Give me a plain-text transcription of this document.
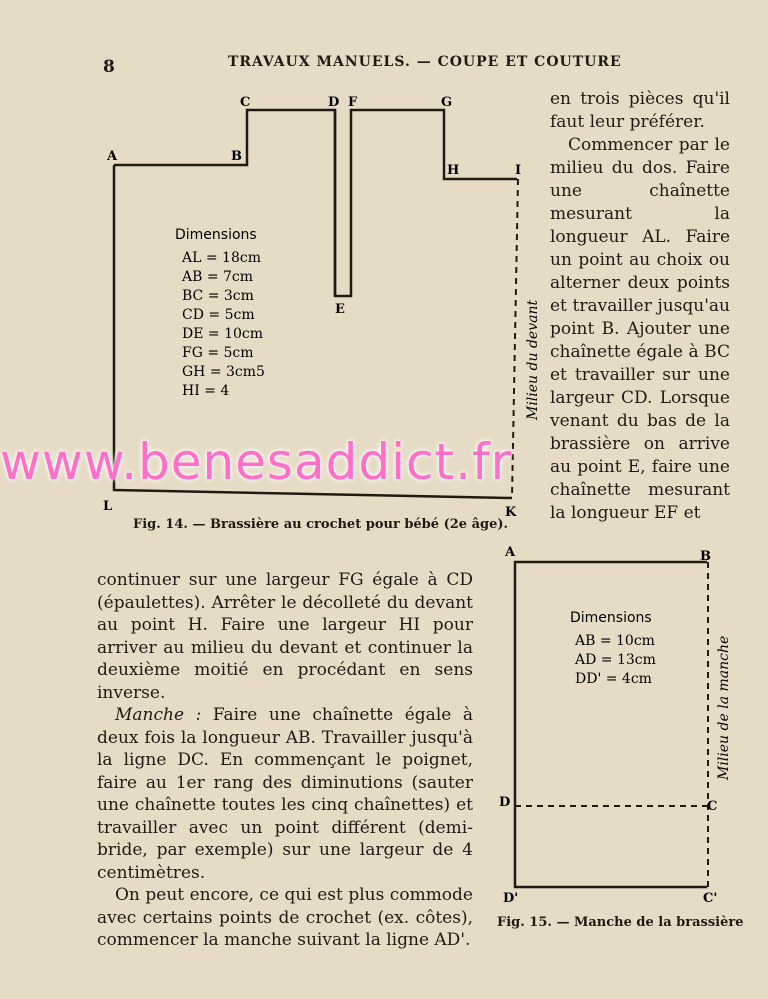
8	TRAVAUX MANUELS. — COUPE ET COUTURE
A	B
C	D F	G
H	I
E
L	K
Dimensions
AL = 18cm
AB = 7cm
BC = 3cm
CD = 5cm
DE = 10cm
FG = 5cm
GH = 3cm5
HI = 4	Milieu du devant
Fig. 14. — Brassière au crochet pour bébé (2e âge).

en trois pièces qu'il faut leur préférer.

Commencer par le milieu du dos. Faire une chaînette mesurant la longueur AL. Faire un point au choix ou alterner deux points et travailler jusqu'au point B. Ajouter une chaînette égale à BC et travailler sur une largeur CD. Lorsque venant du bas de la brassière on arrive au point E, faire une chaînette mesurant la longueur EF et

A	B
D	C
D'	C'
Dimensions
AB = 10cm
AD = 13cm
DD' = 4cm	Milieu de la manche
Fig. 15. — Manche de la brassière

continuer sur une largeur FG égale à CD (épaulettes). Arrêter le décolleté du devant au point H. Faire une largeur HI pour arriver au milieu du devant et continuer la deuxième moitié en procédant en sens inverse.

Manche : Faire une chaînette égale à deux fois la longueur AB. Travailler jusqu'à la ligne DC. En commençant le poignet, faire au 1er rang des diminutions (sauter une chaînette toutes les cinq chaînettes) et travailler avec un point différent (demi-bride, par exemple) sur une largeur de 4 centimètres.

On peut encore, ce qui est plus commode avec certains points de crochet (ex. côtes), commencer la manche suivant la ligne AD'.

www.benesaddict.fr
